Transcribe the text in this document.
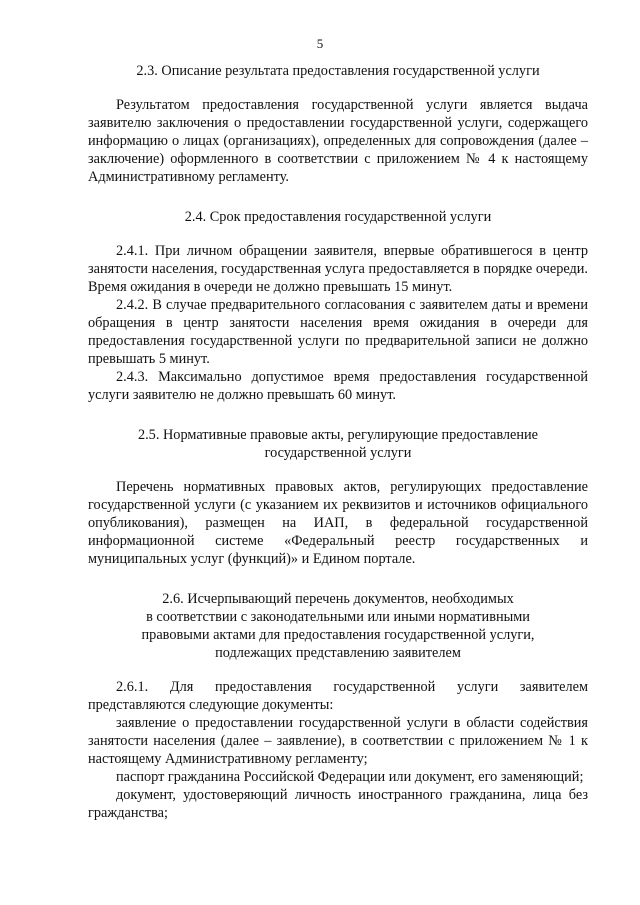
5
2.3. Описание результата предоставления государственной услуги
Результатом предоставления государственной услуги является выдача заявителю заключения о предоставлении государственной услуги, содержащего информацию о лицах (организациях), определенных для сопровождения (далее – заключение) оформленного в соответствии с приложением № 4 к настоящему Административному регламенту.
2.4. Срок предоставления государственной услуги
2.4.1. При личном обращении заявителя, впервые обратившегося в центр занятости населения, государственная услуга предоставляется в порядке очереди. Время ожидания в очереди не должно превышать 15 минут.
2.4.2. В случае предварительного согласования с заявителем даты и времени обращения в центр занятости населения время ожидания в очереди для предоставления государственной услуги по предварительной записи не должно превышать 5 минут.
2.4.3. Максимально допустимое время предоставления государственной услуги заявителю не должно превышать 60 минут.
2.5. Нормативные правовые акты, регулирующие предоставление
государственной услуги
Перечень нормативных правовых актов, регулирующих предоставление государственной услуги (с указанием их реквизитов и источников официального опубликования), размещен на ИАП, в федеральной государственной информационной системе «Федеральный реестр государственных и муниципальных услуг (функций)» и Едином портале.
2.6. Исчерпывающий перечень документов, необходимых
в соответствии с законодательными или иными нормативными
правовыми актами для предоставления государственной услуги,
подлежащих представлению заявителем
2.6.1. Для предоставления государственной услуги заявителем представляются следующие документы:
заявление о предоставлении государственной услуги в области содействия занятости населения (далее – заявление), в соответствии с приложением № 1 к настоящему Административному регламенту;
паспорт гражданина Российской Федерации или документ, его заменяющий;
документ, удостоверяющий личность иностранного гражданина, лица без гражданства;
